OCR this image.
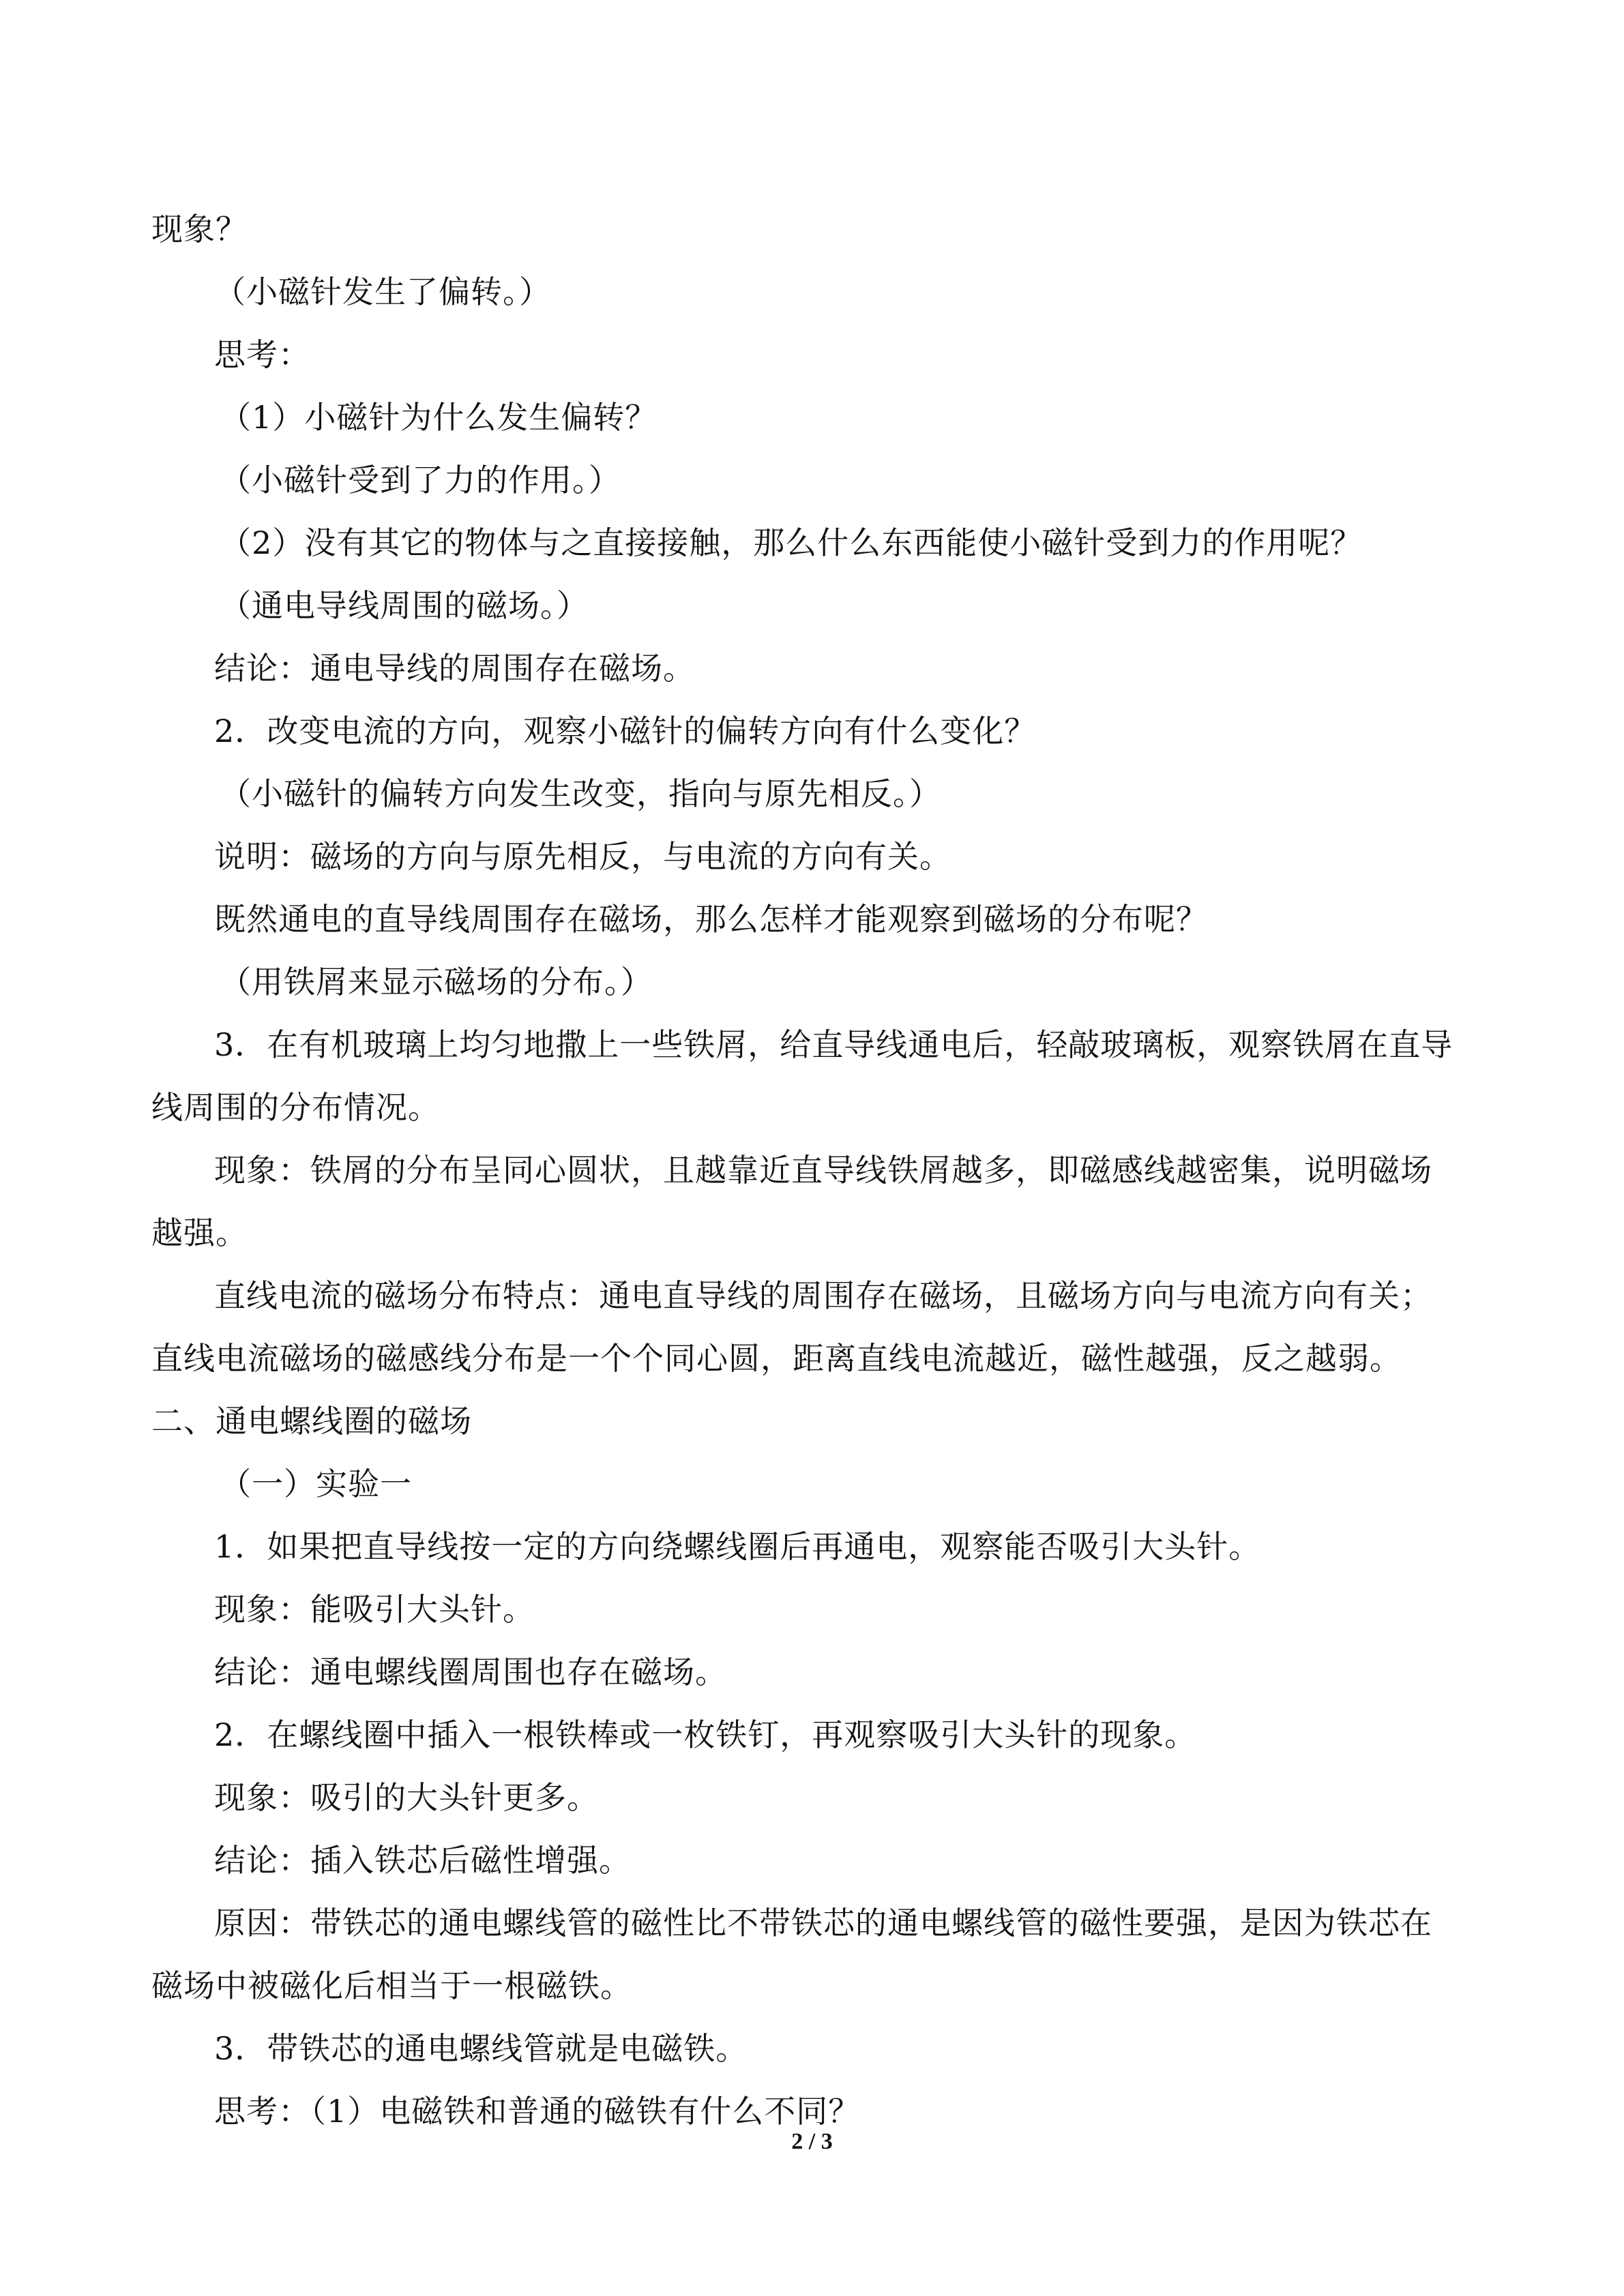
现象？
（小磁针发生了偏转。）
思考：
（1）小磁针为什么发生偏转？
（小磁针受到了力的作用。）
（2）没有其它的物体与之直接接触，那么什么东西能使小磁针受到力的作用呢？
（通电导线周围的磁场。）
结论：通电导线的周围存在磁场。
2．改变电流的方向，观察小磁针的偏转方向有什么变化？
（小磁针的偏转方向发生改变，指向与原先相反。）
说明：磁场的方向与原先相反，与电流的方向有关。
既然通电的直导线周围存在磁场，那么怎样才能观察到磁场的分布呢？
（用铁屑来显示磁场的分布。）
3．在有机玻璃上均匀地撒上一些铁屑，给直导线通电后，轻敲玻璃板，观察铁屑在直导
线周围的分布情况。
现象：铁屑的分布呈同心圆状，且越靠近直导线铁屑越多，即磁感线越密集，说明磁场
越强。
直线电流的磁场分布特点：通电直导线的周围存在磁场，且磁场方向与电流方向有关；
直线电流磁场的磁感线分布是一个个同心圆，距离直线电流越近，磁性越强，反之越弱。
二、通电螺线圈的磁场
（一）实验一
1．如果把直导线按一定的方向绕螺线圈后再通电，观察能否吸引大头针。
现象：能吸引大头针。
结论：通电螺线圈周围也存在磁场。
2．在螺线圈中插入一根铁棒或一枚铁钉，再观察吸引大头针的现象。
现象：吸引的大头针更多。
结论：插入铁芯后磁性增强。
原因：带铁芯的通电螺线管的磁性比不带铁芯的通电螺线管的磁性要强，是因为铁芯在
磁场中被磁化后相当于一根磁铁。
3．带铁芯的通电螺线管就是电磁铁。
思考：（1）电磁铁和普通的磁铁有什么不同？
2 / 3
